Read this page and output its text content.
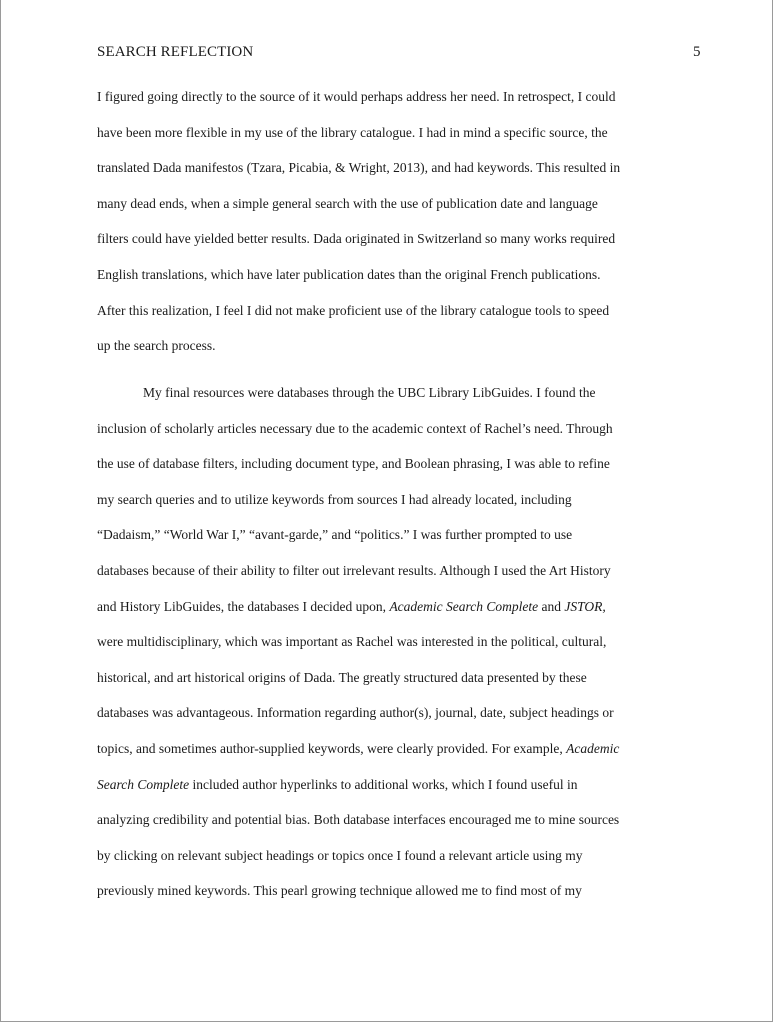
SEARCH REFLECTION	5
I figured going directly to the source of it would perhaps address her need. In retrospect, I could
have been more flexible in my use of the library catalogue. I had in mind a specific source, the
translated Dada manifestos (Tzara, Picabia, & Wright, 2013), and had keywords. This resulted in
many dead ends, when a simple general search with the use of publication date and language
filters could have yielded better results. Dada originated in Switzerland so many works required
English translations, which have later publication dates than the original French publications.
After this realization, I feel I did not make proficient use of the library catalogue tools to speed
up the search process.
My final resources were databases through the UBC Library LibGuides. I found the
inclusion of scholarly articles necessary due to the academic context of Rachel’s need. Through
the use of database filters, including document type, and Boolean phrasing, I was able to refine
my search queries and to utilize keywords from sources I had already located, including
“Dadaism,” “World War I,” “avant-garde,” and “politics.” I was further prompted to use
databases because of their ability to filter out irrelevant results. Although I used the Art History
and History LibGuides, the databases I decided upon, Academic Search Complete and JSTOR,
were multidisciplinary, which was important as Rachel was interested in the political, cultural,
historical, and art historical origins of Dada. The greatly structured data presented by these
databases was advantageous. Information regarding author(s), journal, date, subject headings or
topics, and sometimes author-supplied keywords, were clearly provided. For example, Academic
Search Complete included author hyperlinks to additional works, which I found useful in
analyzing credibility and potential bias. Both database interfaces encouraged me to mine sources
by clicking on relevant subject headings or topics once I found a relevant article using my
previously mined keywords. This pearl growing technique allowed me to find most of my
